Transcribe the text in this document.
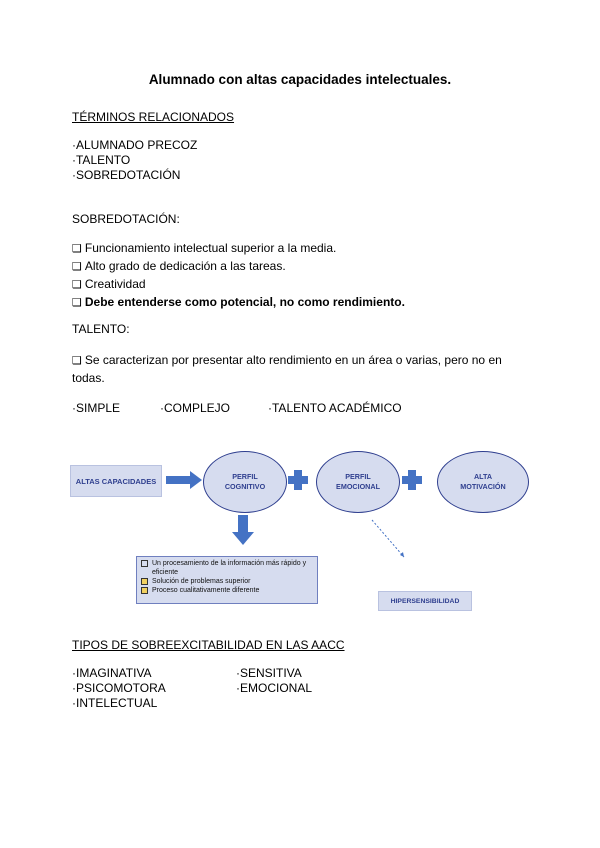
Alumnado con altas capacidades intelectuales.
TÉRMINOS RELACIONADOS
·ALUMNADO PRECOZ
·TALENTO
·SOBREDOTACIÓN
SOBREDOTACIÓN:
❑ Funcionamiento intelectual superior a la media.
❑ Alto grado de dedicación a las tareas.
❑ Creatividad
❑ Debe entenderse como potencial, no como rendimiento.
TALENTO:
❑ Se caracterizan por presentar alto rendimiento en un área o varias, pero no en
todas.
·SIMPLE	·COMPLEJO	·TALENTO ACADÉMICO
ALTAS CAPACIDADES	PERFIL
COGNITIVO
PERFIL
EMOCIONAL
ALTA
MOTIVACIÓN
Un procesamiento de la información más rápido y eficiente
Solución de problemas superior
Proceso cualitativamente diferente
HIPERSENSIBILIDAD
TIPOS DE SOBREEXCITABILIDAD EN LAS AACC
·IMAGINATIVA
·PSICOMOTORA
·INTELECTUAL
·SENSITIVA
·EMOCIONAL
